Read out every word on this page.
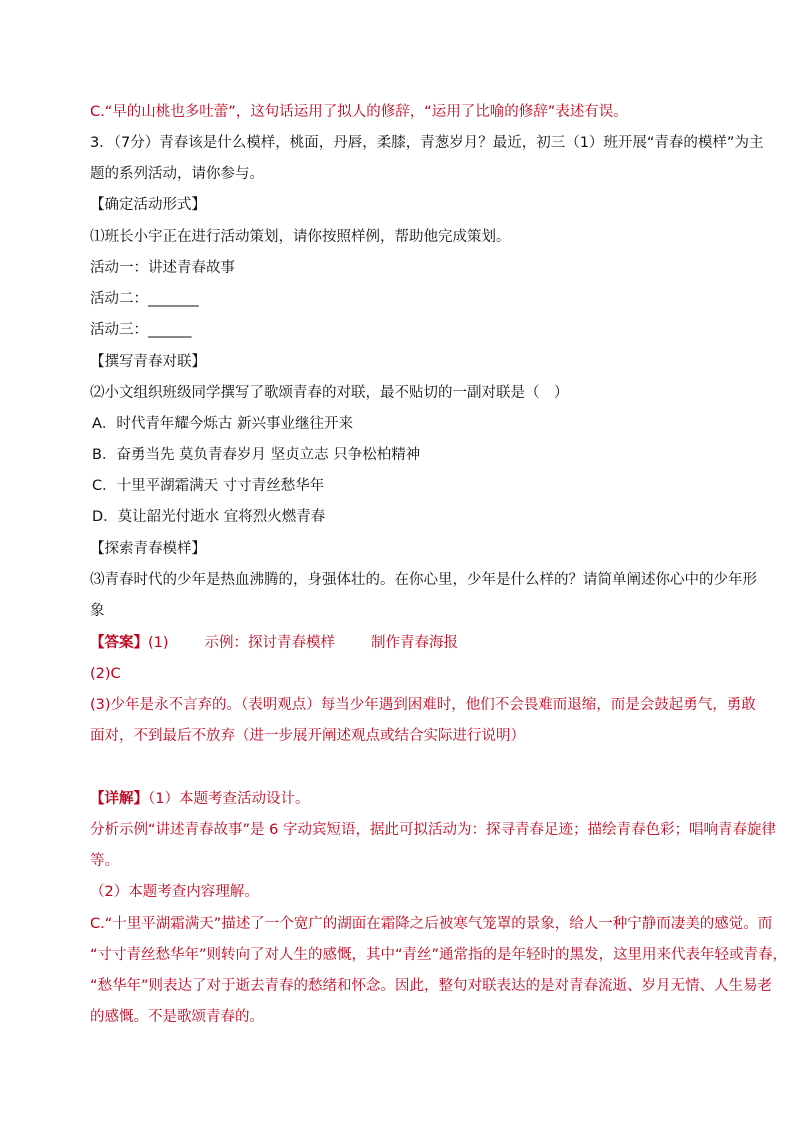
C.“早的山桃也多吐蕾”，这句话运用了拟人的修辞，“运用了比喻的修辞”表述有误。
3．（7分）青春该是什么模样，桃面，丹唇，柔膝，青葱岁月？最近，初三（1）班开展“青春的模样”为主
题的系列活动，请你参与。
【确定活动形式】
⑴班长小宇正在进行活动策划，请你按照样例，帮助他完成策划。
活动一：讲述青春故事
活动二：_______
活动三：______
【撰写青春对联】
⑵小文组织班级同学撰写了歌颂青春的对联，最不贴切的一副对联是（　）
A．时代青年耀今烁古 新兴事业继往开来
B．奋勇当先 莫负青春岁月 坚贞立志 只争松柏精神
C．十里平湖霜满天 寸寸青丝愁华年
D．莫让韶光付逝水 宜将烈火燃青春
【探索青春模样】
⑶青春时代的少年是热血沸腾的，身强体壮的。在你心里，少年是什么样的？请简单阐述你心中的少年形
象
【答案】(1) 示例：探讨青春模样 制作青春海报
(2)C
(3)少年是永不言弃的。（表明观点）每当少年遇到困难时，他们不会畏难而退缩，而是会鼓起勇气，勇敢
面对，不到最后不放弃（进一步展开阐述观点或结合实际进行说明）
【详解】（1）本题考查活动设计。
分析示例“讲述青春故事”是 6 字动宾短语，据此可拟活动为：探寻青春足迹；描绘青春色彩；唱响青春旋律
等。
（2）本题考查内容理解。
C.“十里平湖霜满天”描述了一个宽广的湖面在霜降之后被寒气笼罩的景象，给人一种宁静而凄美的感觉。而
“寸寸青丝愁华年”则转向了对人生的感慨，其中“青丝”通常指的是年轻时的黑发，这里用来代表年轻或青春，
“愁华年”则表达了对于逝去青春的愁绪和怀念。因此，整句对联表达的是对青春流逝、岁月无情、人生易老
的感慨。不是歌颂青春的。
